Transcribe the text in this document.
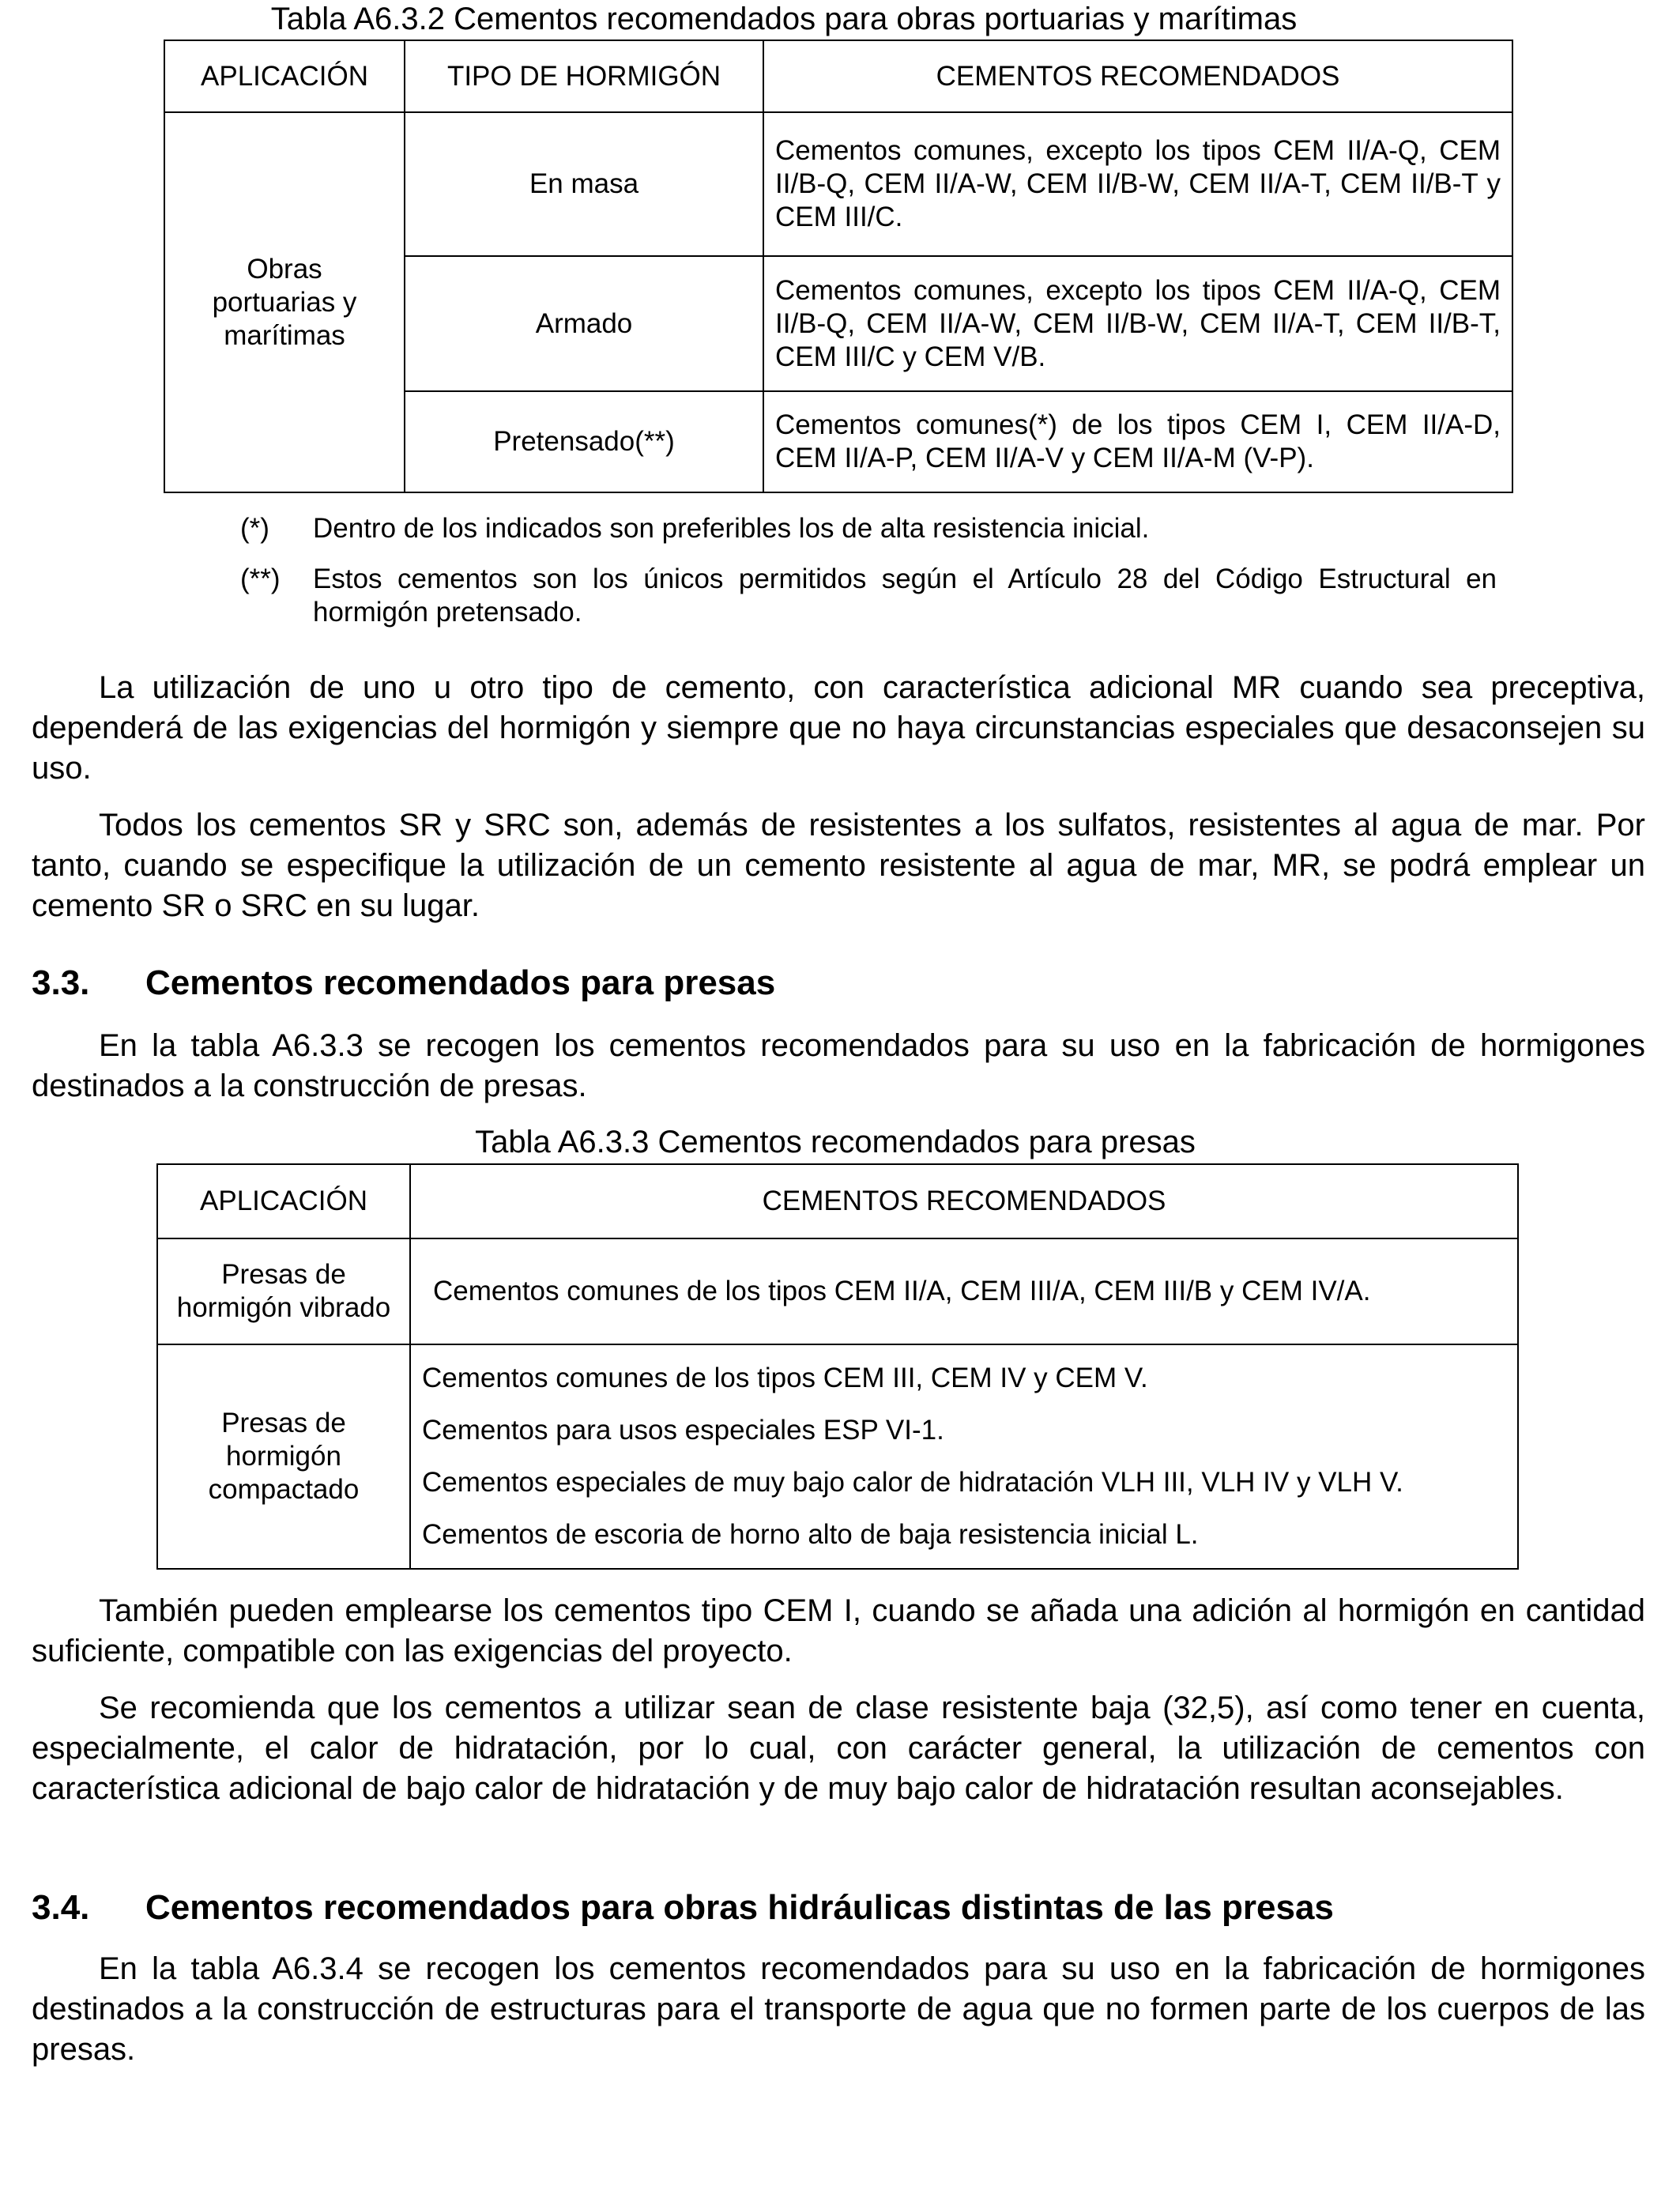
Tabla A6.3.2 Cementos recomendados para obras portuarias y marítimas
APLICACIÓN	TIPO DE HORMIGÓN	CEMENTOS RECOMENDADOS

Obras portuarias y marítimas	En masa	Cementos comunes, excepto los tipos CEM II/A-Q, CEM II/B-Q, CEM II/A-W, CEM II/B-W, CEM II/A-T, CEM II/B-T y CEM III/C.
	Armado	Cementos comunes, excepto los tipos CEM II/A-Q, CEM II/B-Q, CEM II/A-W, CEM II/B-W, CEM II/A-T, CEM II/B-T, CEM III/C y CEM V/B.
	Pretensado(**)	Cementos comunes(*) de los tipos CEM I, CEM II/A-D, CEM II/A-P, CEM II/A-V y CEM II/A-M (V-P).
(*) Dentro de los indicados son preferibles los de alta resistencia inicial.
(**) Estos cementos son los únicos permitidos según el Artículo 28 del Código Estructural en hormigón pretensado.

La utilización de uno u otro tipo de cemento, con característica adicional MR cuando sea preceptiva, dependerá de las exigencias del hormigón y siempre que no haya circunstancias especiales que desaconsejen su uso.

Todos los cementos SR y SRC son, además de resistentes a los sulfatos, resistentes al agua de mar. Por tanto, cuando se especifique la utilización de un cemento resistente al agua de mar, MR, se podrá emplear un cemento SR o SRC en su lugar.

3.3. Cementos recomendados para presas

En la tabla A6.3.3 se recogen los cementos recomendados para su uso en la fabricación de hormigones destinados a la construcción de presas.

Tabla A6.3.3 Cementos recomendados para presas
APLICACIÓN	CEMENTOS RECOMENDADOS

Presas de hormigón vibrado	Cementos comunes de los tipos CEM II/A, CEM III/A, CEM III/B y CEM IV/A.

Presas de hormigón compactado	Cementos comunes de los tipos CEM III, CEM IV y CEM V.
Cementos para usos especiales ESP VI-1.
Cementos especiales de muy bajo calor de hidratación VLH III, VLH IV y VLH V.
Cementos de escoria de horno alto de baja resistencia inicial L.

También pueden emplearse los cementos tipo CEM I, cuando se añada una adición al hormigón en cantidad suficiente, compatible con las exigencias del proyecto.

Se recomienda que los cementos a utilizar sean de clase resistente baja (32,5), así como tener en cuenta, especialmente, el calor de hidratación, por lo cual, con carácter general, la utilización de cementos con característica adicional de bajo calor de hidratación y de muy bajo calor de hidratación resultan aconsejables.

3.4. Cementos recomendados para obras hidráulicas distintas de las presas

En la tabla A6.3.4 se recogen los cementos recomendados para su uso en la fabricación de hormigones destinados a la construcción de estructuras para el transporte de agua que no formen parte de los cuerpos de las presas.
